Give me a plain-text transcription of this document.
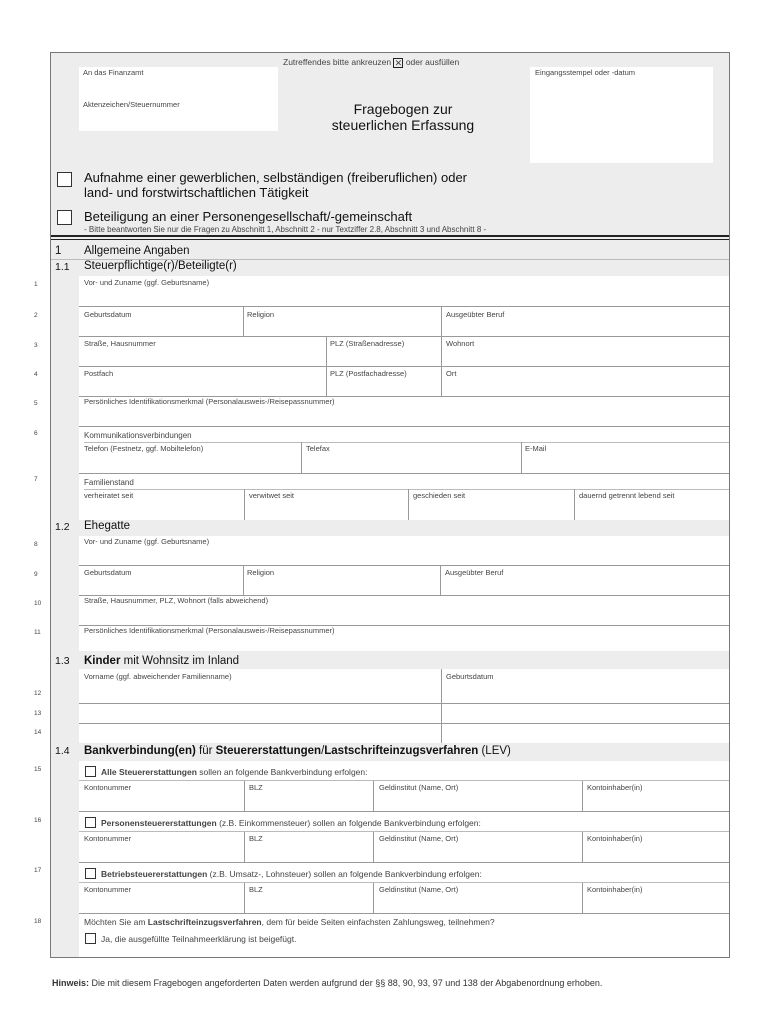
1
2
3
4
5
6
7
8
9
10
11
12
13
14
15
16
17
18
Zutreffendes bitte ankreuzen ✕ oder ausfüllen
An das Finanzamt
Aktenzeichen/Steuernummer	Fragebogen zur
steuerlichen Erfassung
Eingangsstempel oder -datum
Aufnahme einer gewerblichen, selbständigen (freiberuflichen) oder
land- und forstwirtschaftlichen Tätigkeit
Beteiligung an einer Personengesellschaft/-gemeinschaft
- Bitte beantworten Sie nur die Fragen zu Abschnitt 1, Abschnitt 2 - nur Textziffer 2.8, Abschnitt 3 und Abschnitt 8 -
1 Allgemeine Angaben
1.1 Steuerpflichtige(r)/Beteiligte(r)
Vor- und Zuname (ggf. Geburtsname)
Geburtsdatum	Religion	Ausgeübter Beruf
Straße, Hausnummer	PLZ (Straßenadresse)	Wohnort
Postfach	PLZ (Postfachadresse)	Ort
Persönliches Identifikationsmerkmal (Personalausweis-/Reisepassnummer)
Kommunikationsverbindungen
Telefon (Festnetz, ggf. Mobiltelefon)	Telefax	E-Mail
Familienstand
verheiratet seit	verwitwet seit	geschieden seit	dauernd getrennt lebend seit
1.2 Ehegatte
Vor- und Zuname (ggf. Geburtsname)
Geburtsdatum	Religion	Ausgeübter Beruf
Straße, Hausnummer, PLZ, Wohnort (falls abweichend)
Persönliches Identifikationsmerkmal (Personalausweis-/Reisepassnummer)
1.3 Kinder mit Wohnsitz im Inland
Vorname (ggf. abweichender Familienname)	Geburtsdatum
1.4 Bankverbindung(en) für Steuererstattungen/Lastschrifteinzugsverfahren (LEV)
Alle Steuererstattungen sollen an folgende Bankverbindung erfolgen:
Kontonummer	BLZ	Geldinstitut (Name, Ort)	Kontoinhaber(in)
Personensteuererstattungen (z.B. Einkommensteuer) sollen an folgende Bankverbindung erfolgen:
Kontonummer	BLZ	Geldinstitut (Name, Ort)	Kontoinhaber(in)
Betriebsteuererstattungen (z.B. Umsatz-, Lohnsteuer) sollen an folgende Bankverbindung erfolgen:
Kontonummer	BLZ	Geldinstitut (Name, Ort)	Kontoinhaber(in)
Möchten Sie am Lastschrifteinzugsverfahren, dem für beide Seiten einfachsten Zahlungsweg, teilnehmen?
Ja, die ausgefüllte Teilnahmeerklärung ist beigefügt.
Hinweis: Die mit diesem Fragebogen angeforderten Daten werden aufgrund der §§ 88, 90, 93, 97 und 138 der Abgabenordnung erhoben.
